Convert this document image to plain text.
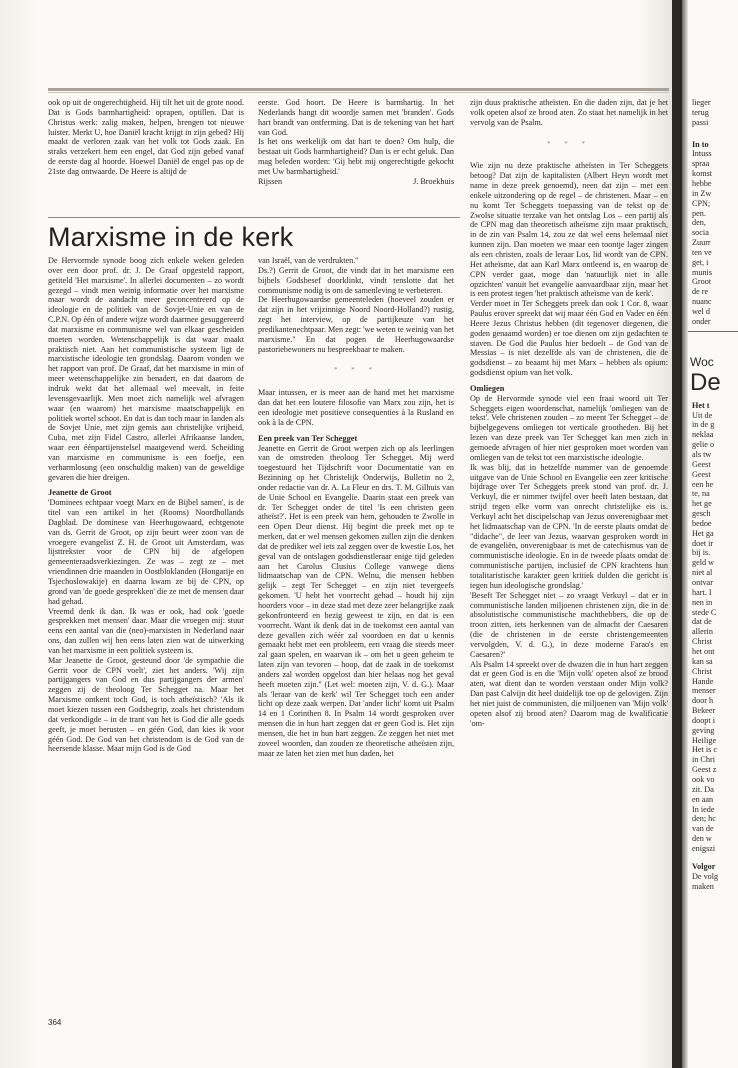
ook op uit de ongerechtigheid. Hij tilt het uit de grote nood. Dat is Gods barmhartigheid: oprapen, optillen. Dat is Christus werk: zalig maken, helpen, brengen tot nieuwe luister. Merkt U, hoe Daniël kracht krijgt in zijn gebed? Hij maakt de verloren zaak van het volk tot Gods zaak. En straks verzekert hem een engel, dat God zijn gebed vanaf de eerste dag al hoorde. Hoewel Daniël de engel pas op de 21ste dag ontwaarde. De Heere is altijd de

eerste. God hoort. De Heere is barmhartig. In het Nederlands hangt dit woordje samen met 'branden'. Gods hart brandt van ontferming. Dat is de tekening van het hart van God.

Is het ons werkelijk om dat hart te doen? Om hulp, die bestaat uit Gods barmhartigheid? Dan is er echt geluk. Dan mag beleden worden: 'Gij hebt mij ongerechtigde gekocht met Uw barmhartigheid.'

Rijssen	J. Broekhuis

zijn duus praktische atheïsten. En die daden zijn, dat je het volk opeten alsof ze brood aten. Zo staat het namelijk in het vervolg van de Psalm.

* * *

Wie zijn nu deze praktische atheïsten in Ter Scheggets betoog? Dat zijn de kapitalisten (Albert Heyn wordt met name in deze preek genoemd), neen dat zijn – met een enkele uitzondering op de regel – de christenen. Maar – en nu komt Ter Scheggets toepassing van de tekst op de Zwolse situatie terzake van het ontslag Los – een partij als de CPN mag dan theoretisch atheïsme zijn maar praktisch, in de zin van Psalm 14, zou ze dat wel eens helemaal niet kunnen zijn. Dan moeten we maar een toontje lager zingen als een christen, zoals de leraar Los, lid wordt van de CPN. Het atheïsme, dat aan Karl Marx ontleend is, en waarop de CPN verder gaat, moge dan 'natuurlijk niet in alle opzichten' vanuit het evangelie aanvaardbaar zijn, maar het is een protest tegen 'het praktisch atheïsme van de kerk'.

Verder moet in Ter Scheggets preek dan ook 1 Cor. 8, waar Paulus erover spreekt dat wij maar één God en Vader en één Heere Jezus Christus hebben (dit tegenover diegenen, die goden genaamd worden) er toe dienen om zijn gedachten te staven. De God die Paulus hier bedoelt – de God van de Messias – is niet dezelfde als van de christenen, die de godsdienst – zo beaamt hij met Marx – hebben als opium: godsdienst opium van het volk.

Omliegen

Op de Hervormde synode viel een fraai woord uit Ter Scheggets eigen woordenschat, namelijk 'omliegen van de tekst'. Vele christenen zouden – zo meent Ter Schegget – de bijbelgegevens omliegen tot verticale grootheden. Bij het lezen van deze preek van Ter Schegget kan men zich in gemoede afvragen of hier niet gesproken moet worden van omliegen van de tekst tot een marxistische ideologie.

Ik was blij, dat in hetzelfde nummer van de genoemde uitgave van de Unie School en Evangelie een zeer kritische bijdrage over Ter Scheggets preek stond van prof. dr. J. Verkuyl, die er nimmer twijfel over heeft laten bestaan, dat strijd tegen elke vorm van onrecht christelijke eis is. Verkuyl acht het discipelschap van Jezus onverenigbaar met het lidmaatschap van de CPN. 'In de eerste plaats omdat de "didache", de leer van Jezus, waarvan gesproken wordt in de evangeliën, onverenigbaar is met de catechismus van de communistische ideologie. En in de tweede plaats omdat de communistische partijen, inclusief de CPN krachtens hun totalitaristische karakter geen kritiek dulden die gericht is tegen hun ideologische grondslag.'

'Beseft Ter Schegget niet – zo vraagt Verkuyl – dat er in communistische landen miljoenen christenen zijn, die in de absolutistische communistische machthebbers, die op de troon zitten, iets herkennen van de almacht der Caesaren (die de christenen in de eerste christengemeenten vervolgden, V. d. G.), in deze moderne Farao's en Caesaren?'

Als Psalm 14 spreekt over de dwazen die in hun hart zeggen dat er geen God is en die 'Mijn volk' opeten alsof ze brood aten, wat dient dan te worden verstaan onder Mijn volk? Dan past Calvijn dit heel duidelijk toe op de gelovigen. Zijn het niet juist de communisten, die miljoenen van 'Mijn volk' opeten alsof zij brood aten? Daarom mag de kwalificatie 'om-

Marxisme in de kerk

De Hervormde synode boog zich enkele weken geleden over een door prof. dr. J. De Graaf opgesteld rapport, getiteld 'Het marxisme'. In allerlei documenten – zo wordt gezegd – vindt men weinig informatie over het marxisme maar wordt de aandacht meer geconcentreerd op de ideologie en de politiek van de Sovjet-Unie en van de C.P.N. Op één of andere wijze wordt daarmee gesuggereerd dat marxisme en communisme wel van elkaar gescheiden moeten worden. Wetenschappelijk is dat waar maakt praktisch niet. Aan het communistische systeem ligt de marxistische ideologie ten grondslag. Daarom vonden we het rapport van prof. De Graaf, dat het marxisme in min of meer wetenschappelijke zin benadert, en dat daarom de indruk wekt dat het allemaal wel meevalt, in feite levensgevaarlijk. Men moet zich namelijk wel afvragen waar (en waarom) het marxisme maatschappelijk en politiek wortel schoot. En dat is dan toch maar in landen als de Sovjet Unie, met zijn gemis aan christelijke vrijheid, Cuba, met zijn Fidel Castro, allerlei Afrikaanse landen, waar een éénpartijenstelsel maatgevend werd. Scheiding van marxisme en communisme is een foefje, een verharmlosung (een onschuldig maken) van de geweldige gevaren die hier dreigen.

Jeanette de Groot

'Dominees echtpaar voegt Marx en de Bijbel samen', is de titel van een artikel in het (Rooms) Noordhollands Dagblad. De dominese van Heerhugowaard, echtgenote van ds. Gerrit de Groot, op zijn beurt weer zoon van de vroegere evangelist Z. H. de Groot uit Amsterdam, was lijsttrekster voor de CPN bij de afgelopen gemeenteraadsverkiezingen. Ze was – zegt ze – met vriendinnen drie maanden in Oostbloklanden (Hongarije en Tsjechoslowakije) en daarna kwam ze bij de CPN, op grond van 'de goede gesprekken' die ze met de mensen daar had gehad.

Vreemd denk ik dan. Ik was er ook, had ook 'goede gesprekken met mensen' daar. Maar die vroegen mij: stuur eens een aantal van die (neo)-marxisten in Nederland naar ons, dan zullen wij hen eens laten zien wat de uitwerking van het marxisme in een politiek systeem is.

Mar Jeanette de Groot, gesteund door 'de sympathie die Gerrit voor de CPN voelt', ziet het anders. 'Wij zijn partijgangers van God en dus partijgangers der armen' zeggen zij de theoloog Ter Schegget na. Maar het Marxisme ontkent toch God, is toch atheïstisch? 'Als ik moet kiezen tussen een Godsbegrip, zoals het christendom dat verkondigde – in de trant van het is God die alle goeds geeft, je moet berusten – en géén God, dan kies ik voor géén God. De God van het christendom is de God van de heersende klasse. Maar mijn God is de God

van Israël, van de verdrukten.''

Ds.?) Gerrit de Groot, die vindt dat in het marxisme een bijbels Godsbesef doorklinkt, vindt tenslotte dat het communisme nodig is om de samenleving te verbeteren.

De Heerhugowaardse gemeenteleden (hoeveel zouden er dat zijn in het vrijzinnige Noord Noord-Holland?) rustig, zegt het interview, op de partijkeuze van het predikantenechtpaar. Men zegt: 'we weten te weinig van het marxisme.'' En dat pogen de Heerhugowaardse pastoriebewoners nu bespreekbaar te maken.

* * *

Maar intussen, er is meer aan de hand met het marxisme dan dat het een loutere filosofie van Marx zou zijn, het is een ideologie met positieve consequenties à la Rusland en ook à la de CPN.

Een preek van Ter Schegget

Jeanette en Gerrit de Groot werpen zich op als leerlingen van de omstreden theoloog Ter Schegget. Mij werd toegestuurd het Tijdschrift voor Documentatie van en Bezinning op het Christelijk Onderwijs, Bulletin no 2, onder redactie van dr. A. La Fleur en drs. T. M. Gilhuis van de Unie School en Evangelie. Daarin staat een preek van dr. Ter Schegget onder de titel 'Is een christen geen atheïst?'. Het is een preek van hem, gehouden te Zwolle in een Open Deur dienst. Hij begint die preek met op te merken, dat er wel mensen gekomen zullen zijn die denken dat de prediker wel iets zal zeggen over de kwestie Los, het geval van de ontslagen godsdienstleraar enige tijd geleden aan het Carolus Clusius College vanwege diens lidmaatschap van de CPN. Welnu, die mensen hebben gelijk – zegt Ter Schegget – en zijn niet tevergeefs gekomen. 'U hebt het voorrecht gehad – houdt hij zijn hoorders voor – in deze stad met deze zeer belangrijke zaak gekonfronteerd en bezig geweest te zijn, en dat is een voorrecht. Want ik denk dat in de toekomst een aantal van deze gevallen zich wéér zal voordoen en dat u kennis gemaakt hebt met een probleem, een vraag die steeds meer zal gaan spelen, en waarvan ik – om het u geen geheim te laten zijn van tevoren – hoop, dat de zaak in de toekomst anders zal worden opgelost dan hier helaas nog het geval heeft moeten zijn.'' (Let wel: moeten zijn, V. d. G.). Maar als 'leraar van de kerk' wil Ter Schegget toch een ander licht op deze zaak werpen. Dat 'ander licht' komt uit Psalm 14 en 1 Corinthen 8. In Psalm 14 wordt gesproken over mensen die in hun hart zeggen dat er geen God is. Het zijn mensen, die het in hun hart zeggen. Ze zeggen het niet met zoveel woorden, dan zouden ze theoretische atheïsten zijn, maar ze laten het zien met hun daden, het

364
lieger
terug
passi
In to
Intuss
spraa
komst
hebbe
in Zw
CPN;
pen.
den,
socia
Zuurr
ten ve
get, i
munis
Groot
de re
nuanc
wel d
onder
Woc
De
Het t
Uit de
in de g
neklaa
gelie o
als tw
Geest
Geest
een he
te, na
het ge
gesch
bedoe
Het ga
doet ir
bij is.
geld w
niet al
ontvar
hart. I
nen in
stede C
dat de
allerin
Christ
het ont
kan sa
Christ
Hande
menser
door h
Bekeer
doopt i
geving
Heilige
Het is c
in Chri
Geest z
ook vo
zit. Da
en aan
In iede
den; hc
van de
den w
enigszi
Volgor
De volg
maken
